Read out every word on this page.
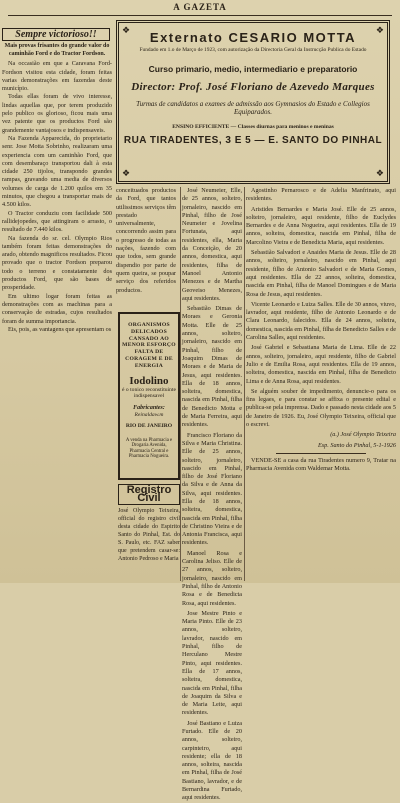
A GAZETA
Sempre victorioso!!
Mais provas frisantes do grande valor do caminhão Ford e do Tractor Fordson.

Na occasião em que a Caravana Ford-Fordson visitou esta cidade, foram feitas varias demonstrações em fazendas deste município.

Todas ellas foram de vivo interesse, lindas aquellas que, por terem produzido pelo publico os glorioso, ficou mais uma vez patente que os productos Ford são grandemente vantajosos e indispensaveis.

Na Fazenda Apparecida, do proprietario senr. Jose Motta Sobrinho, realizaram uma experiencia com um caminhão Ford, que com desembaraço transportou dali à esta cidade 250 tijolos, transpondo grandes rampas, gravando uma media de diversos volumes de carga de 1.200 quilos em 35 minutos, que chegou a transportar mais de 4.500 kilos.

O Tractor conduziu com facilidade 500 rallidejopedes, que attingiram o arrasto, o resultado de 7.440 kilos.

Na fazenda do sr. cel. Olympio Rios também foram feitas demonstrações do arado, obtendo magnificos resultados. Ficou provado que o tractor Fordson preparou todo o terreno e constatamente dos productos Ford, que são bases de prosperidade.

Em ultimo logar foram feitas as demonstrações com as machinas para a conservação de estradas, cujos resultados foram de summa importancia.

Eis, pois, as vantagens que apresentam os

❖	❖
❖	❖
Externato CESARIO MOTTA
Fundado em 1.o de Março de 1923, com autorização da Directoria Geral da Instrucção Publica do Estado
Curso primario, medio, intermediario e preparatorio
Director: Prof. José Floriano de Azevedo Marques
Turmas de candidatos a exames de admissão aos Gymnasios do Estado e Collegios Equiparados.
ENSINO EFFICIENTE — Classes diurnas para meninos e meninas
RUA TIRADENTES, 3 E 5 — E. SANTO DO PINHAL

conceituados productos da Ford, que tantos utilissimos serviços têm prestado universalmente, concorrendo assim para o progresso de todas as nações, fazendo com que todos, sem grande dispendio por parte de quem queira, se poupar serviço dos referidos productos.

ORGANISMOS DELICADOS CANSADO AO MENOR ESFORÇO FALTA DE CORAGEM E DE ENERGIA
Iodolino
é o tonico reconstituinte indispensavel
Fabricantes:
Reinaldaw.m
RIO DE JANEIRO
A venda na Pharmacia e Drogaria Avenida, Pharmacia Central e Pharmacia Nogueira.
Registro Civil

José Olympio Teixeira, official do registro civil desta cidade do Espirito Santo do Pinhal, Est. do S. Paulo, etc. FAZ saber que pretendem casar-se: Antonio Pedroso e Maria

José Neumeier, Elle, de 25 annos, solteiro, jornaleiro, nascido em Pinhal, filho de José Neumeier e Jovelina Fortunata, aqui residentes, ella, Maria da Conceição, de 20 annos, domestica, aqui residentes, filha de Manoel Antonio Menezes e de Martha Geoveiso Menezes, aqui residentes.

Sebastião Dimas de Moraes e Geronia Motta. Elle de 25 annos, solteiro, jornaleiro, nascido em Pinhal, filho de Joaquim Dimas de Moraes e de Maria de Jesus, aqui residentes. Ella de 18 annos, solteira, domestica, nascida em Pinhal, filha de Benedicto Motta e de Maria Ferreira, aqui residentes.

Francisco Floriano da Silva e Maria Christina. Elle de 25 annos, solteiro, jornaleiro, nascido em Pinhal, filho de José Floriano da Silva e de Anna da Silva, aqui residentes. Ella de 18 annos, solteira, domestica, nascida em Pinhal, filha de Christino Vieira e de Antonia Francisca, aqui residentes.

Manoel Rosa e Carolina Jeliso. Elle de 27 annos, solteiro, jornaleiro, nascido em Pinhal, filho de Antonio Rosa e de Benedicta Rosa, aqui residentes.

Jose Mestre Pinto e Maria Pinto. Elle de 23 annos, solteiro, lavrador, nascido em Pinhal, filho de Herculano Mestre Pinto, aqui residentes. Ella de 17 annos, solteira, domestica, nascida em Pinhal, filha de Joaquim da Silva e de Maria Leite, aqui residentes.

José Bastiano e Luiza Furtado. Elle de 20 annos, solteiro, carpinteiro, aqui residente; ella de 18 annos, solteira, nascida em Pinhal, filha de José Bastiano, lavrador, e de Bernardina Furtado, aqui residentes.

Agostinho Pernarosco e de Adelia Manfrinato, aqui residentes.

Aristides Bernardes e Maria José. Elle de 25 annos, solteiro, jornaleiro, aqui residente, filho de Euclydes Bernardes e de Anna Nogueira, aqui residentes. Ella de 19 annos, solteira, domestica, nascida em Pinhal, filha de Marcolino Vieira e de Benedicta Maria, aqui residentes.

Sebastião Salvadori e Anaides Maria de Jesus. Elle de 28 annos, solteiro, jornaleiro, nascido em Pinhal, aqui residente, filho de Antonio Salvadori e de Maria Gomes, aqui residentes. Ella de 22 annos, solteira, domestica, nascida em Pinhal, filha de Manoel Domingues e de Maria Rosa de Jesus, aqui residentes.

Vicente Leonardo e Luiza Salles. Elle de 30 annos, viuvo, lavrador, aqui residente, filho de Antonio Leonardo e de Clara Leonardo, falecidos. Ella de 24 annos, solteira, domestica, nascida em Pinhal, filha de Benedicto Salles e de Carolina Salles, aqui residentes.

José Gabriel e Sebastiana Maria de Lima. Elle de 22 annos, solteiro, jornaleiro, aqui residente, filho de Gabriel Julio e de Emilia Rosa, aqui residentes. Ella de 19 annos, solteira, domestica, nascida em Pinhal, filha de Benedicto Lima e de Anna Rosa, aqui residentes.

Se alguém souber de impedimento, denuncie-o para os fins legaes, e para constar se affixa o presente edital e publica-se pela imprensa. Dado e passado nesta cidade aos 5 de Janeiro de 1926. Eu, José Olympio Teixeira, official que o escrevi.

(a.) José Olympio Teixeira

Esp. Santo do Pinhal, 5-1-1926

VENDE-SE a casa da rua Tiradentes numero 9, Tratar na Pharmacia Avenida com Waldemar Motta.
